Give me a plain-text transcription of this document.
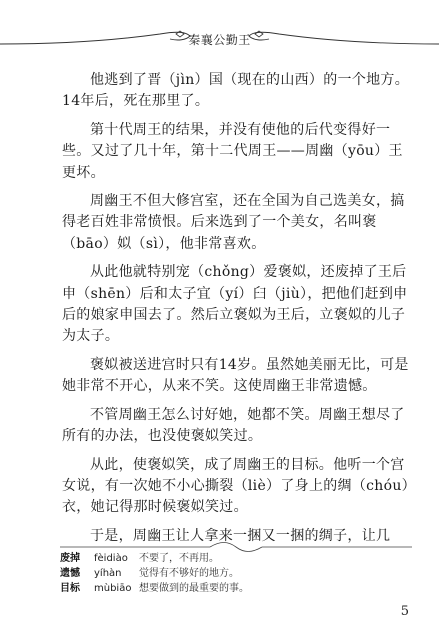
秦襄公勤王

他逃到了晋（jìn）国（现在的山西）的一个地方。14年后，死在那里了。

第十代周王的结果，并没有使他的后代变得好一些。又过了几十年，第十二代周王——周幽（yōu）王更坏。

周幽王不但大修宫室，还在全国为自己选美女，搞得老百姓非常愤恨。后来选到了一个美女，名叫褒（bāo）姒（sì），他非常喜欢。

从此他就特别宠（chǒng）爱褒姒，还废掉了王后申（shēn）后和太子宜（yí）臼（jiù），把他们赶到申后的娘家申国去了。然后立褒姒为王后，立褒姒的儿子为太子。

褒姒被送进宫时只有14岁。虽然她美丽无比，可是她非常不开心，从来不笑。这使周幽王非常遗憾。

不管周幽王怎么讨好她，她都不笑。周幽王想尽了所有的办法，也没使褒姒笑过。

从此，使褒姒笑，成了周幽王的目标。他听一个宫女说，有一次她不小心撕裂（liè）了身上的绸（chóu）衣，她记得那时候褒姒笑过。

于是，周幽王让人拿来一捆又一捆的绸子，让几

废掉	fèidiào	不要了，不再用。
遗憾	yíhàn	觉得有不够好的地方。
目标	mùbiāo 想要做到的最重要的事。
5
